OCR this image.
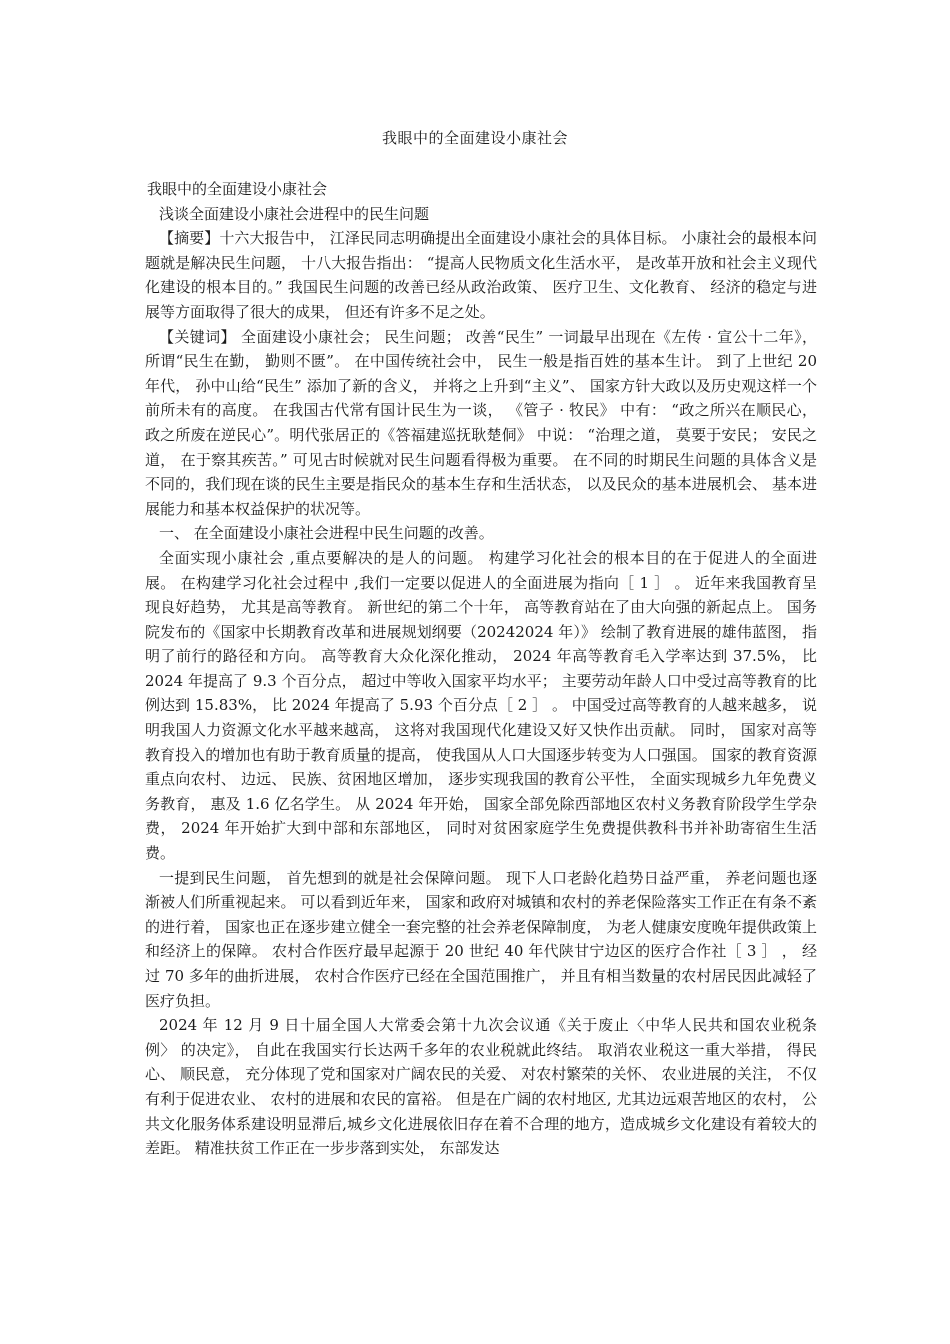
我眼中的全面建设小康社会

我眼中的全面建设小康社会

浅谈全面建设小康社会进程中的民生问题

【摘要】十六大报告中， 江泽民同志明确提出全面建设小康社会的具体目标。 小康社会的最根本问题就是解决民生问题， 十八大报告指出： “提高人民物质文化生活水平， 是改革开放和社会主义现代化建设的根本目的。” 我国民生问题的改善已经从政治政策、 医疗卫生、文化教育、 经济的稳定与进展等方面取得了很大的成果， 但还有许多不足之处。

【关键词】 全面建设小康社会； 民生问题； 改善“民生” 一词最早出现在《左传 · 宣公十二年》， 所谓“民生在勤， 勤则不匮”。 在中国传统社会中， 民生一般是指百姓的基本生计。 到了上世纪 20 年代， 孙中山给“民生” 添加了新的含义， 并将之上升到“主义”、 国家方针大政以及历史观这样一个前所未有的高度。 在我国古代常有国计民生为一谈， 《管子 · 牧民》 中有： “政之所兴在顺民心， 政之所废在逆民心”。明代张居正的《答福建巡抚耿楚侗》 中说： “治理之道， 莫要于安民； 安民之道， 在于察其疾苦。” 可见古时候就对民生问题看得极为重要。 在不同的时期民生问题的具体含义是不同的，我们现在谈的民生主要是指民众的基本生存和生活状态， 以及民众的基本进展机会、 基本进展能力和基本权益保护的状况等。

一、 在全面建设小康社会进程中民生问题的改善。

全面实现小康社会 ,重点要解决的是人的问题。 构建学习化社会的根本目的在于促进人的全面进展。 在构建学习化社会过程中 ,我们一定要以促进人的全面进展为指向［ 1 ］ 。 近年来我国教育呈现良好趋势， 尤其是高等教育。 新世纪的第二个十年， 高等教育站在了由大向强的新起点上。 国务院发布的《国家中长期教育改革和进展规划纲要（20242024 年）》 绘制了教育进展的雄伟蓝图， 指明了前行的路径和方向。 高等教育大众化深化推动， 2024 年高等教育毛入学率达到 37.5%， 比 2024 年提高了 9.3 个百分点， 超过中等收入国家平均水平； 主要劳动年龄人口中受过高等教育的比例达到 15.83%， 比 2024 年提高了 5.93 个百分点［ 2 ］ 。 中国受过高等教育的人越来越多， 说明我国人力资源文化水平越来越高， 这将对我国现代化建设又好又快作出贡献。 同时， 国家对高等教育投入的增加也有助于教育质量的提高， 使我国从人口大国逐步转变为人口强国。 国家的教育资源重点向农村、 边远、 民族、贫困地区增加， 逐步实现我国的教育公平性， 全面实现城乡九年免费义务教育， 惠及 1.6 亿名学生。 从 2024 年开始， 国家全部免除西部地区农村义务教育阶段学生学杂费， 2024 年开始扩大到中部和东部地区， 同时对贫困家庭学生免费提供教科书并补助寄宿生生活费。

一提到民生问题， 首先想到的就是社会保障问题。 现下人口老龄化趋势日益严重， 养老问题也逐渐被人们所重视起来。 可以看到近年来， 国家和政府对城镇和农村的养老保险落实工作正在有条不紊的进行着， 国家也正在逐步建立健全一套完整的社会养老保障制度， 为老人健康安度晚年提供政策上和经济上的保障。 农村合作医疗最早起源于 20 世纪 40 年代陕甘宁边区的医疗合作社［ 3 ］ ， 经过 70 多年的曲折进展， 农村合作医疗已经在全国范围推广， 并且有相当数量的农村居民因此减轻了医疗负担。

2024 年 12 月 9 日十届全国人大常委会第十九次会议通《关于废止〈中华人民共和国农业税条例〉 的决定》， 自此在我国实行长达两千多年的农业税就此终结。 取消农业税这一重大举措， 得民心、 顺民意， 充分体现了党和国家对广阔农民的关爱、 对农村繁荣的关怀、 农业进展的关注， 不仅有利于促进农业、 农村的进展和农民的富裕。 但是在广阔的农村地区, 尤其边远艰苦地区的农村， 公共文化服务体系建设明显滞后,城乡文化进展依旧存在着不合理的地方，造成城乡文化建设有着较大的差距。 精准扶贫工作正在一步步落到实处， 东部发达
